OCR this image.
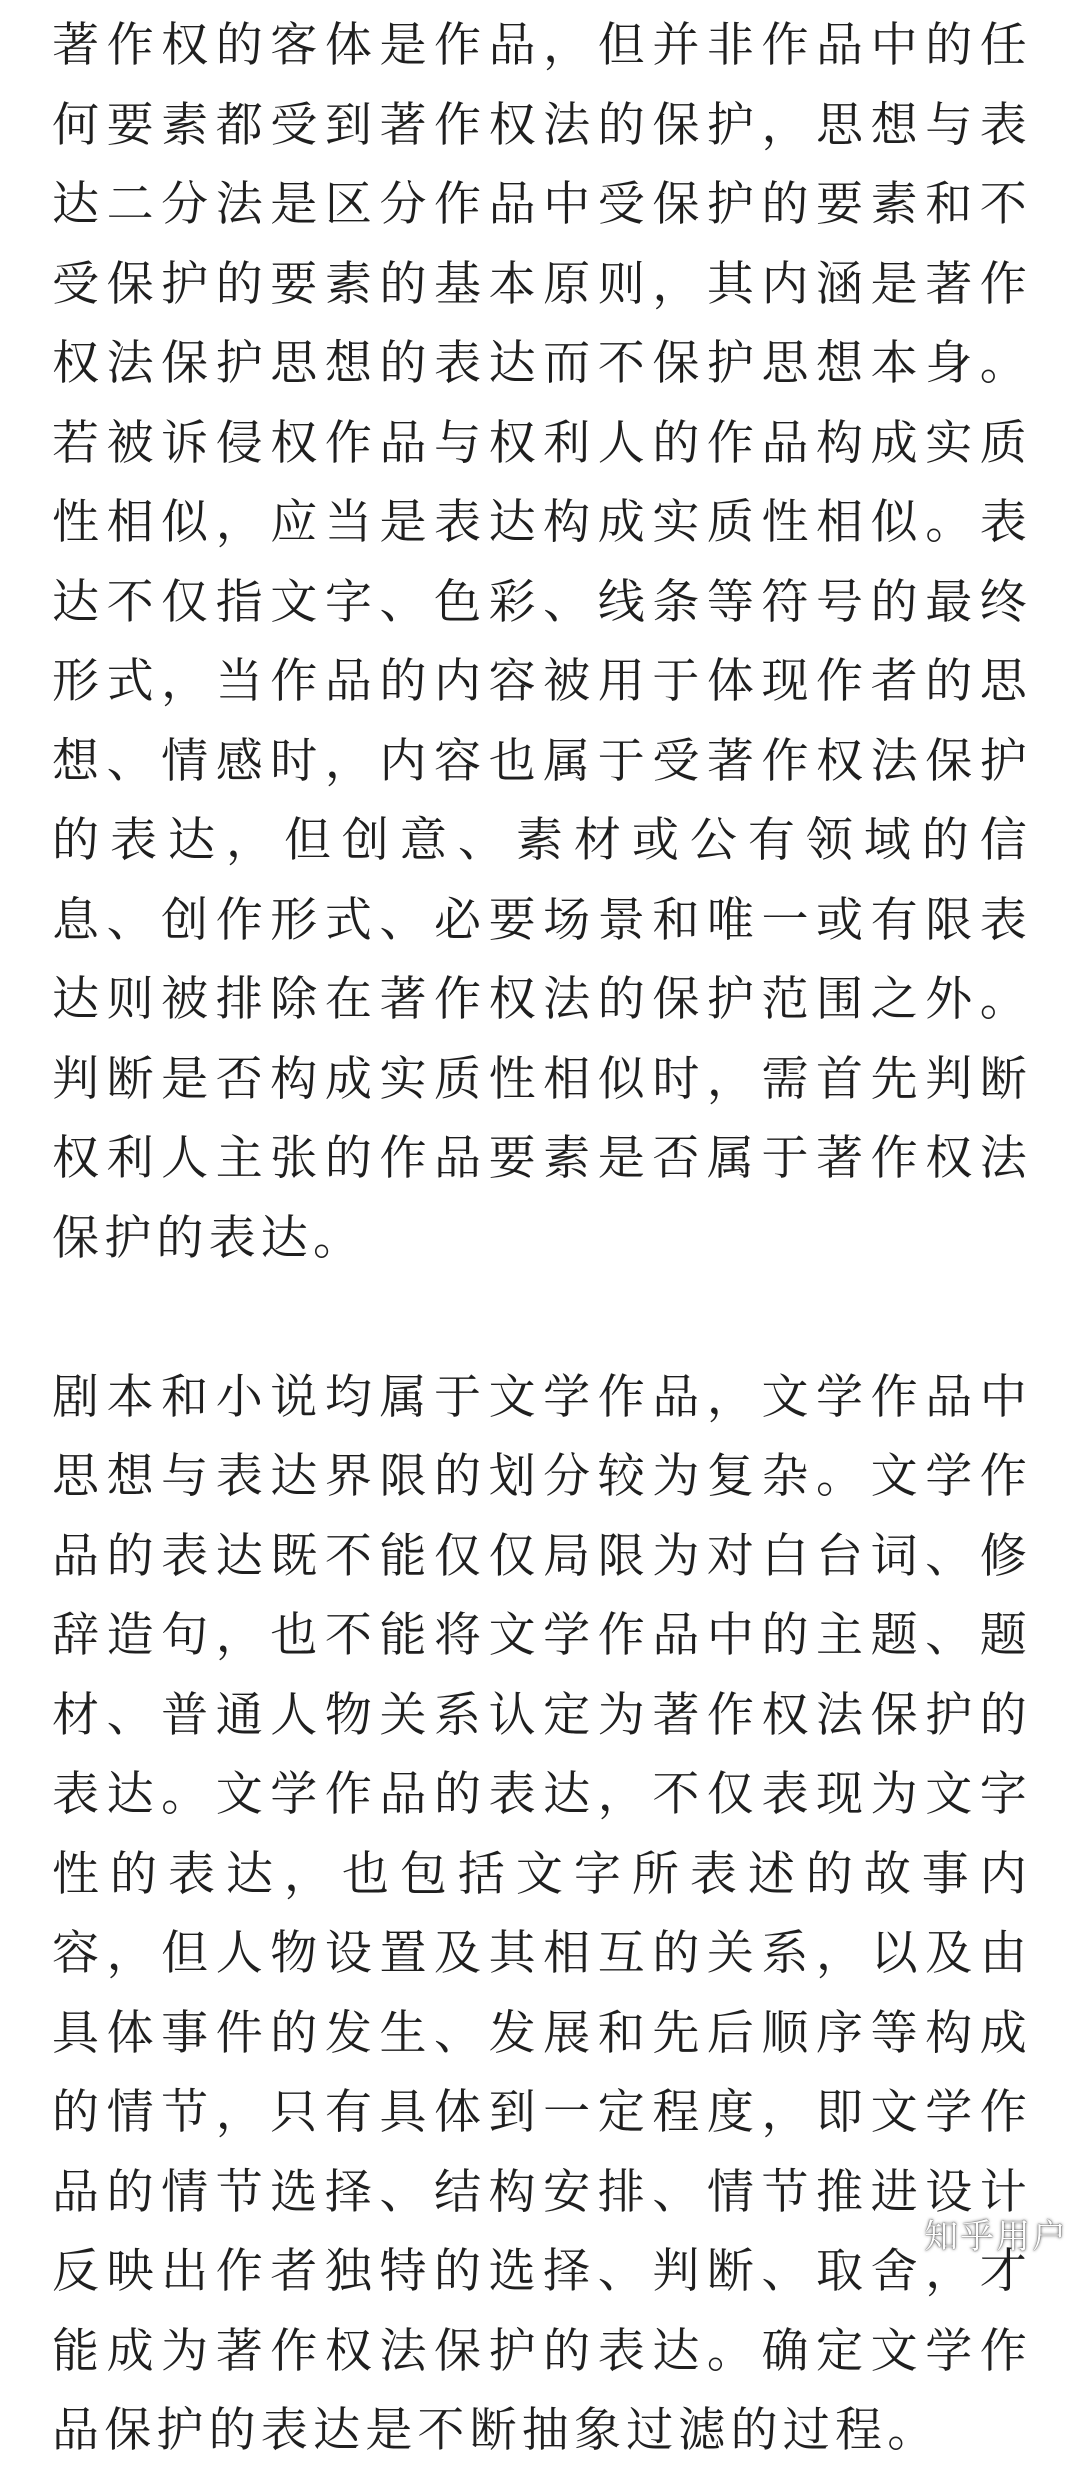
著作权的客体是作品，但并非作品中的任何要素都受到著作权法的保护，思想与表达二分法是区分作品中受保护的要素和不受保护的要素的基本原则，其内涵是著作权法保护思想的表达而不保护思想本身。若被诉侵权作品与权利人的作品构成实质性相似，应当是表达构成实质性相似。表达不仅指文字、色彩、线条等符号的最终形式，当作品的内容被用于体现作者的思想、情感时，内容也属于受著作权法保护的表达，但创意、素材或公有领域的信息、创作形式、必要场景和唯一或有限表达则被排除在著作权法的保护范围之外。判断是否构成实质性相似时，需首先判断权利人主张的作品要素是否属于著作权法保护的表达。

剧本和小说均属于文学作品，文学作品中思想与表达界限的划分较为复杂。文学作品的表达既不能仅仅局限为对白台词、修辞造句，也不能将文学作品中的主题、题材、普通人物关系认定为著作权法保护的表达。文学作品的表达，不仅表现为文字性的表达，也包括文字所表述的故事内容，但人物设置及其相互的关系，以及由具体事件的发生、发展和先后顺序等构成的情节，只有具体到一定程度，即文学作品的情节选择、结构安排、情节推进设计反映出作者独特的选择、判断、取舍，才能成为著作权法保护的表达。确定文学作品保护的表达是不断抽象过滤的过程。

知乎用户
